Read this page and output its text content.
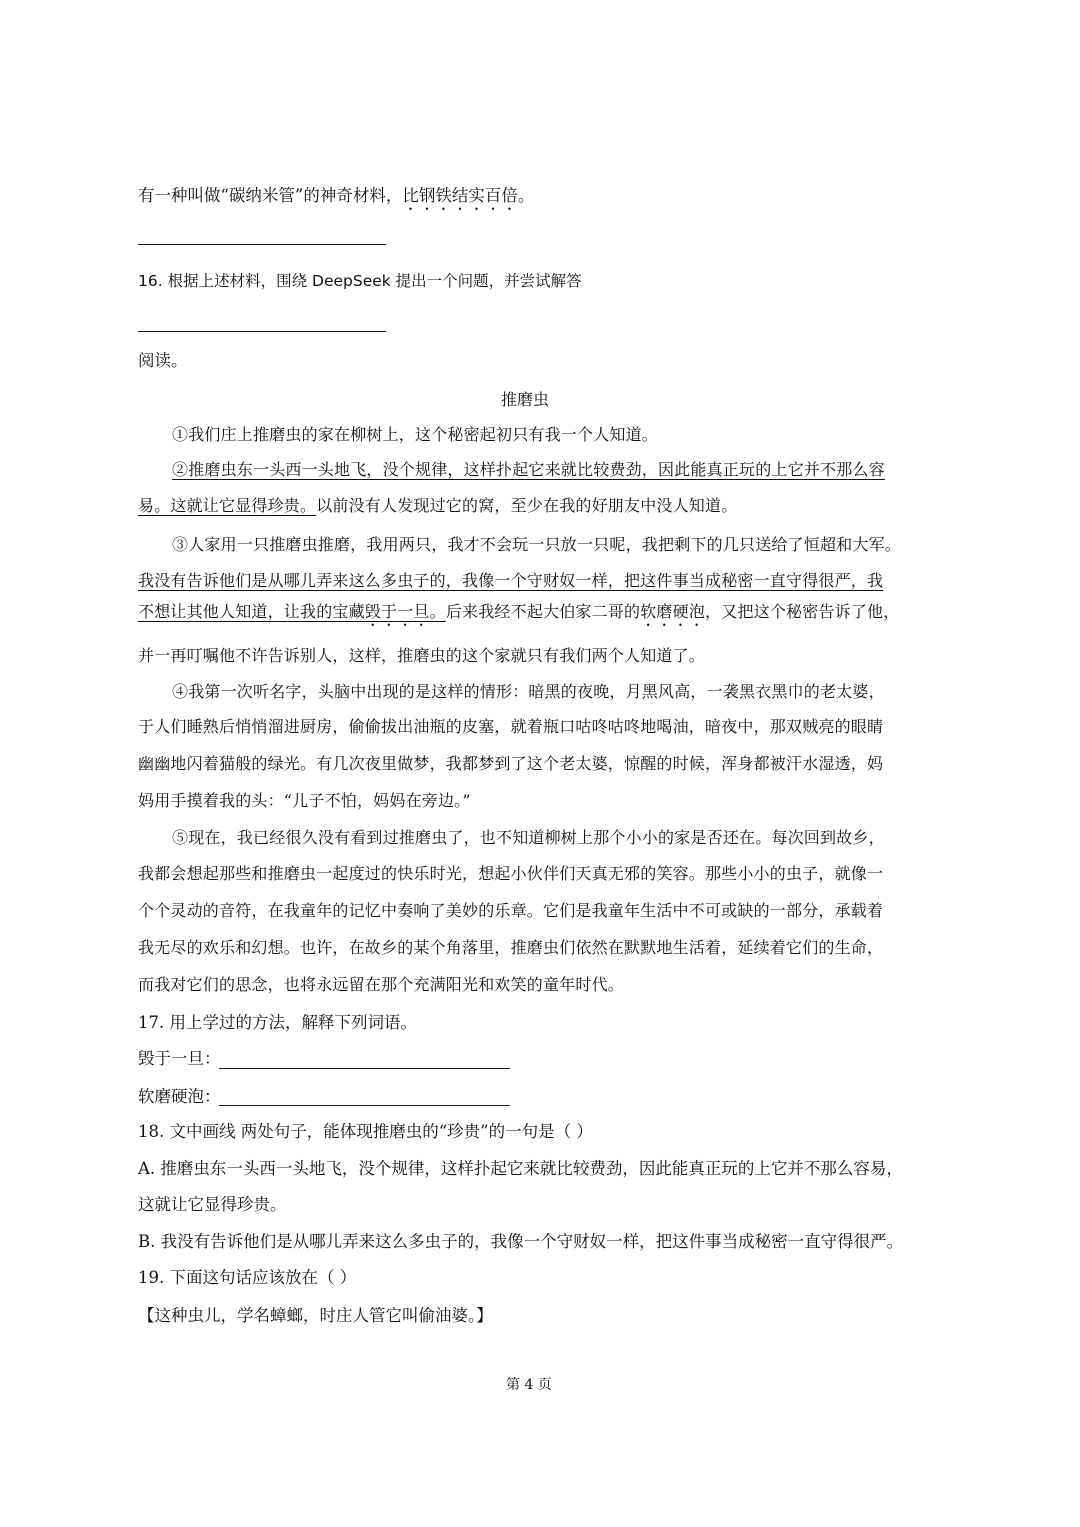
有一种叫做“碳纳米管”的神奇材料，比钢铁结实百倍。
16. 根据上述材料，围绕 DeepSeek 提出一个问题，并尝试解答
阅读。
推磨虫
①我们庄上推磨虫的家在柳树上，这个秘密起初只有我一个人知道。
②推磨虫东一头西一头地飞，没个规律，这样扑起它来就比较费劲，因此能真正玩的上它并不那么容
易。这就让它显得珍贵。以前没有人发现过它的窝，至少在我的好朋友中没人知道。
③人家用一只推磨虫推磨，我用两只，我才不会玩一只放一只呢，我把剩下的几只送给了恒超和大军。
我没有告诉他们是从哪儿弄来这么多虫子的，我像一个守财奴一样，把这件事当成秘密一直守得很严，我
不想让其他人知道，让我的宝藏毁于一旦。后来我经不起大伯家二哥的软磨硬泡，又把这个秘密告诉了他，
并一再叮嘱他不许告诉别人，这样，推磨虫的这个家就只有我们两个人知道了。
④我第一次听名字，头脑中出现的是这样的情形：暗黑的夜晚，月黑风高，一袭黑衣黑巾的老太婆，
于人们睡熟后悄悄溜进厨房，偷偷拔出油瓶的皮塞，就着瓶口咕咚咕咚地喝油，暗夜中，那双贼亮的眼睛
幽幽地闪着猫般的绿光。有几次夜里做梦，我都梦到了这个老太婆，惊醒的时候，浑身都被汗水湿透，妈
妈用手摸着我的头：“儿子不怕，妈妈在旁边。”
⑤现在，我已经很久没有看到过推磨虫了，也不知道柳树上那个小小的家是否还在。每次回到故乡，
我都会想起那些和推磨虫一起度过的快乐时光，想起小伙伴们天真无邪的笑容。那些小小的虫子，就像一
个个灵动的音符，在我童年的记忆中奏响了美妙的乐章。它们是我童年生活中不可或缺的一部分，承载着
我无尽的欢乐和幻想。也许，在故乡的某个角落里，推磨虫们依然在默默地生活着，延续着它们的生命，
而我对它们的思念，也将永远留在那个充满阳光和欢笑的童年时代。
17. 用上学过的方法，解释下列词语。
毁于一旦：
软磨硬泡：
18. 文中画线 两处句子，能体现推磨虫的“珍贵”的一句是（ ）
A. 推磨虫东一头西一头地飞，没个规律，这样扑起它来就比较费劲，因此能真正玩的上它并不那么容易，
这就让它显得珍贵。
B. 我没有告诉他们是从哪儿弄来这么多虫子的，我像一个守财奴一样，把这件事当成秘密一直守得很严。
19. 下面这句话应该放在（ ）
【这种虫儿，学名蟑螂，时庄人管它叫偷油婆。】
第 4 页
